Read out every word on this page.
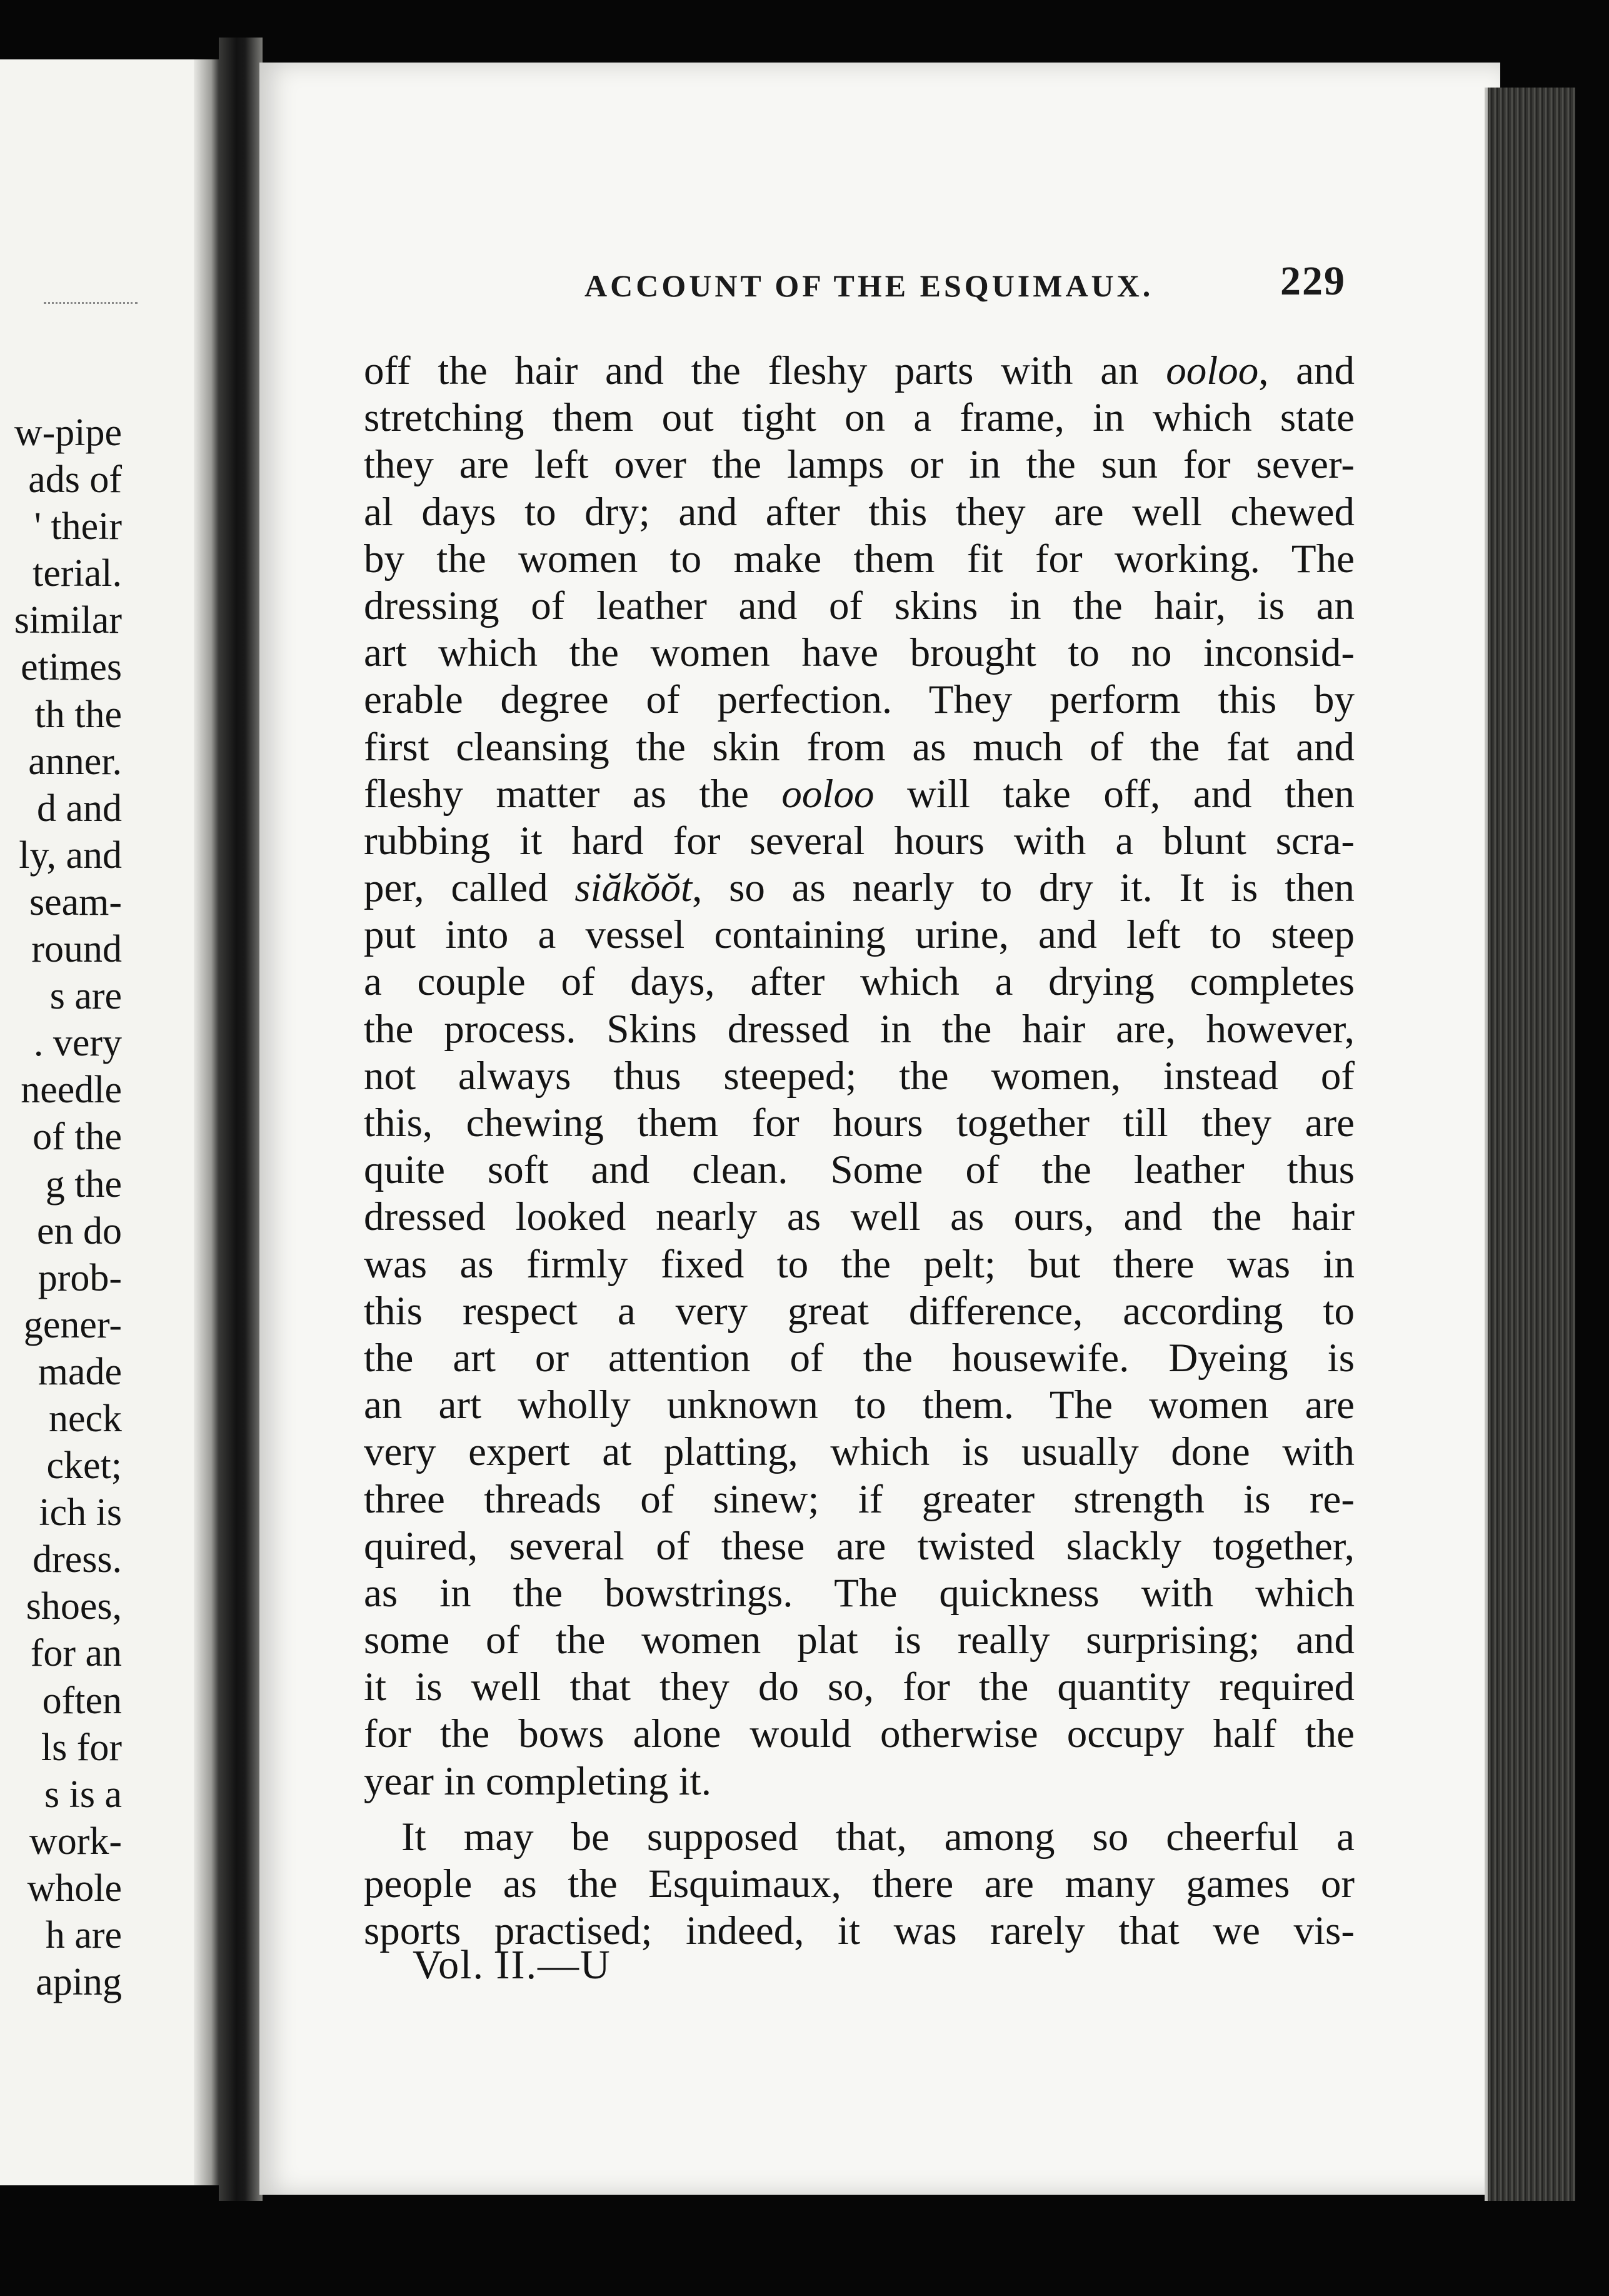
w-pipe
ads of
' their
terial.
similar
etimes
th the
anner.
d and
ly, and
seam-
round
s are
. very
needle
of the
g the
en do
prob-
gener-
made
neck
cket;
ich is
dress.
shoes,
for an
often
ls for
s is a
work-
whole
h are
aping
ACCOUNT OF THE ESQUIMAUX.	229
off the hair and the fleshy parts with an ooloo, and
stretching them out tight on a frame, in which state
they are left over the lamps or in the sun for sever-
al days to dry; and after this they are well chewed
by the women to make them fit for working. The
dressing of leather and of skins in the hair, is an
art which the women have brought to no inconsid-
erable degree of perfection. They perform this by
first cleansing the skin from as much of the fat and
fleshy matter as the ooloo will take off, and then
rubbing it hard for several hours with a blunt scra-
per, called siăkŏŏt, so as nearly to dry it. It is then
put into a vessel containing urine, and left to steep
a couple of days, after which a drying completes
the process. Skins dressed in the hair are, however,
not always thus steeped; the women, instead of
this, chewing them for hours together till they are
quite soft and clean. Some of the leather thus
dressed looked nearly as well as ours, and the hair
was as firmly fixed to the pelt; but there was in
this respect a very great difference, according to
the art or attention of the housewife. Dyeing is
an art wholly unknown to them. The women are
very expert at platting, which is usually done with
three threads of sinew; if greater strength is re-
quired, several of these are twisted slackly together,
as in the bowstrings. The quickness with which
some of the women plat is really surprising; and
it is well that they do so, for the quantity required
for the bows alone would otherwise occupy half the
year in completing it.
It may be supposed that, among so cheerful a
people as the Esquimaux, there are many games or
sports practised; indeed, it was rarely that we vis-
Vol. II.—U
